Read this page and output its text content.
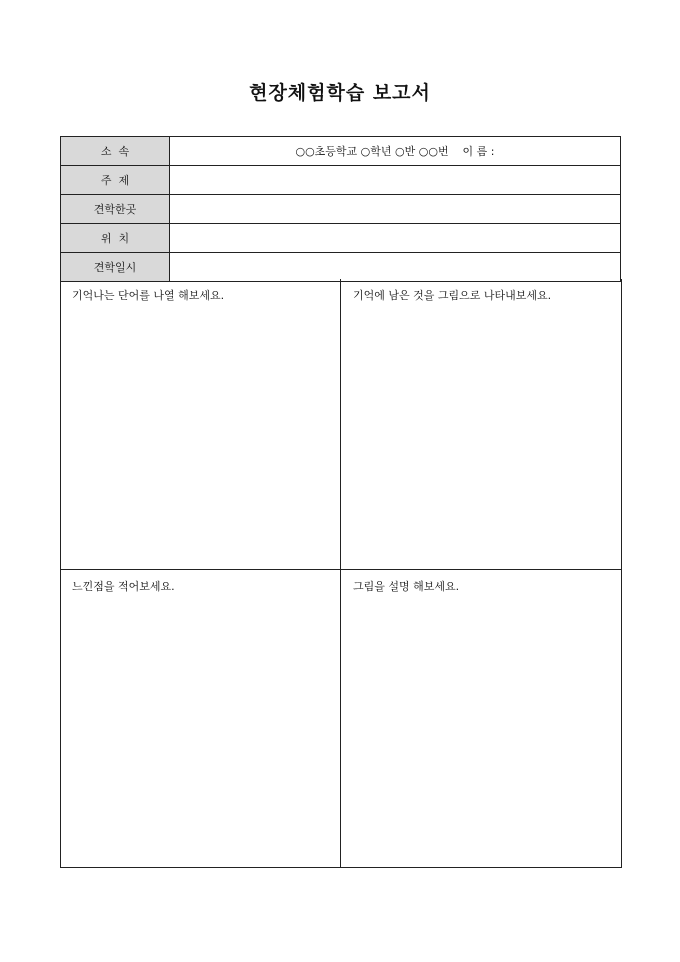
현장체험학습 보고서
소  속	○○초등학교 ○학년 ○반 ○○번    이 름 :
주  제	
견학한곳	
위  치	
견학일시	
기억나는 단어를 나열 해보세요.	기억에 남은 것을 그림으로 나타내보세요.
느낀점을 적어보세요.	그림을 설명 해보세요.
